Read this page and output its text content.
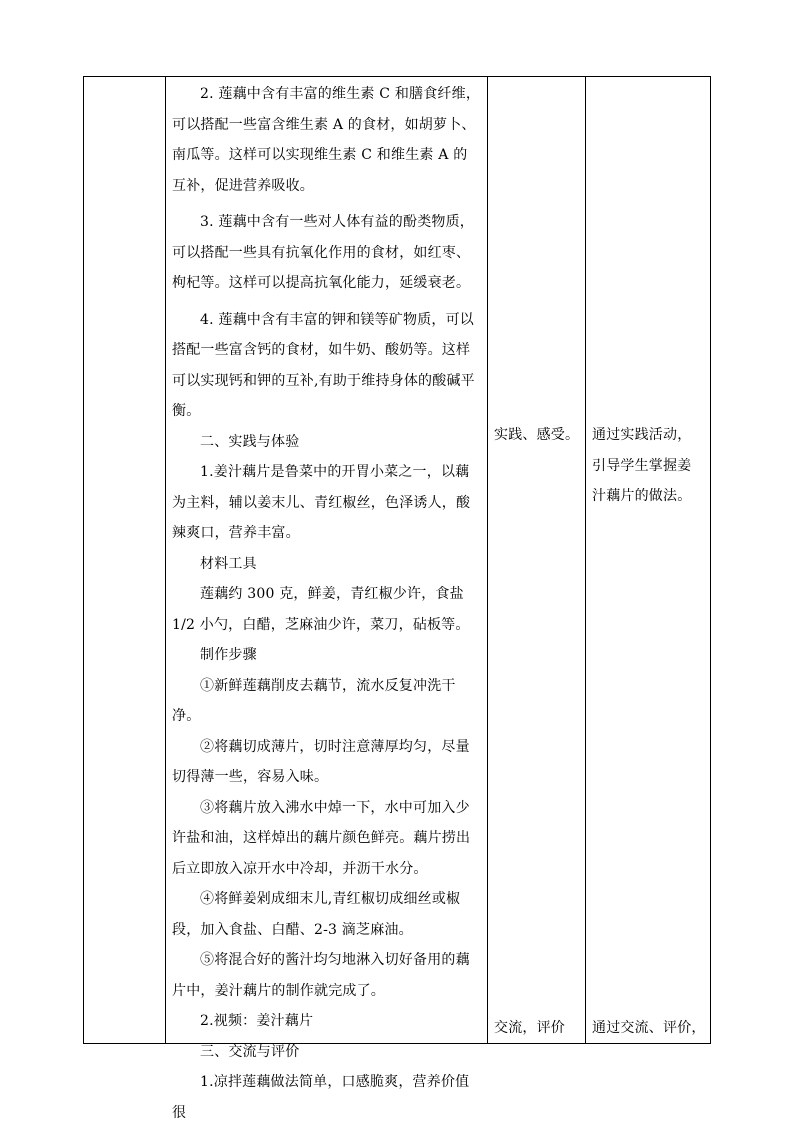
2. 莲藕中含有丰富的维生素 C 和膳食纤维，可以搭配一些富含维生素 A 的食材，如胡萝卜、南瓜等。这样可以实现维生素 C 和维生素 A 的互补，促进营养吸收。

3. 莲藕中含有一些对人体有益的酚类物质，可以搭配一些具有抗氧化作用的食材，如红枣、枸杞等。这样可以提高抗氧化能力，延缓衰老。

4. 莲藕中含有丰富的钾和镁等矿物质，可以搭配一些富含钙的食材，如牛奶、酸奶等。这样可以实现钙和钾的互补,有助于维持身体的酸碱平衡。

二、实践与体验

1.姜汁藕片是鲁菜中的开胃小菜之一，以藕为主料，辅以姜末儿、青红椒丝，色泽诱人，酸辣爽口，营养丰富。

材料工具

莲藕约 300 克，鲜姜，青红椒少许，食盐 1/2 小勺，白醋，芝麻油少许，菜刀，砧板等。

制作步骤

①新鲜莲藕削皮去藕节，流水反复冲洗干净。

②将藕切成薄片，切时注意薄厚均匀，尽量切得薄一些，容易入味。

③将藕片放入沸水中焯一下，水中可加入少许盐和油，这样焯出的藕片颜色鲜亮。藕片捞出后立即放入凉开水中冷却，并沥干水分。

④将鲜姜剁成细末儿,青红椒切成细丝或椒段，加入食盐、白醋、2-3 滴芝麻油。

⑤将混合好的酱汁均匀地淋入切好备用的藕片中，姜汁藕片的制作就完成了。

2.视频：姜汁藕片

三、交流与评价

1.凉拌莲藕做法简单，口感脆爽，营养价值很

实践、感受。

交流，评价

通过实践活动，引导学生掌握姜汁藕片的做法。

通过交流、评价，
